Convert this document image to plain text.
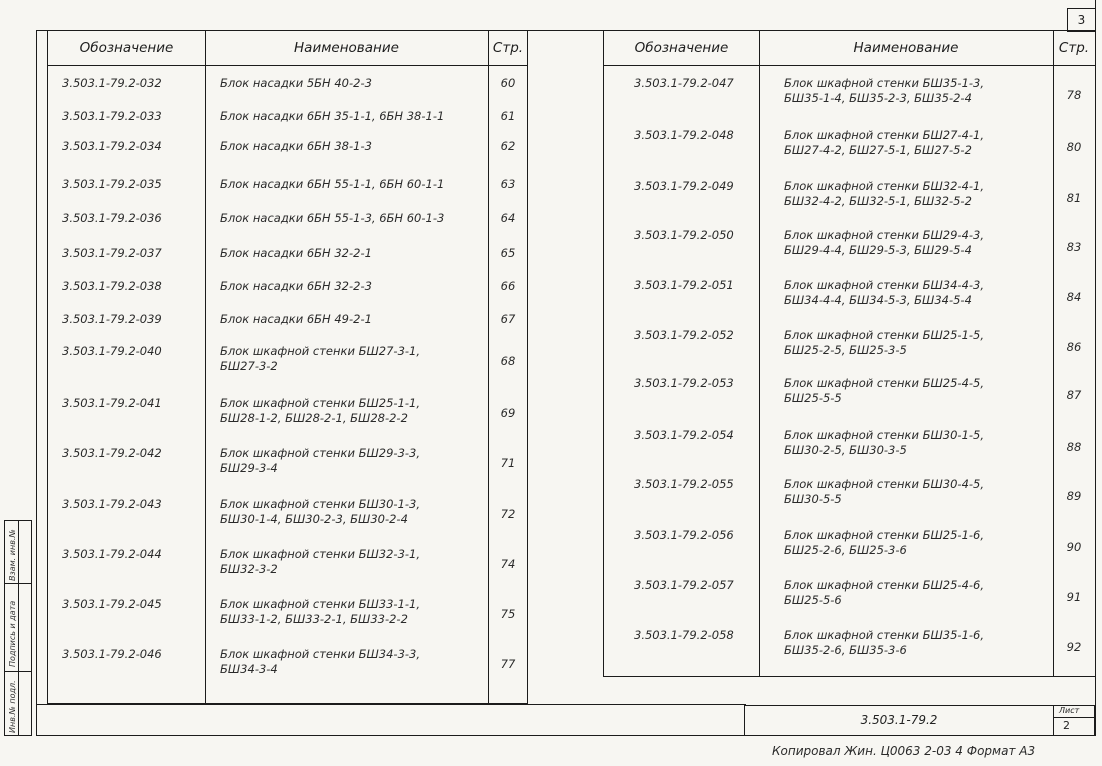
3
Обозначение	Наименование	Стр.
3.503.1-79.2-032	Блок насадки 5БН 40-2-3	60
3.503.1-79.2-033	Блок насадки 6БН 35-1-1, 6БН 38-1-1	61
3.503.1-79.2-034	Блок насадки 6БН 38-1-3	62
3.503.1-79.2-035	Блок насадки 6БН 55-1-1, 6БН 60-1-1	63
3.503.1-79.2-036	Блок насадки 6БН 55-1-3, 6БН 60-1-3	64
3.503.1-79.2-037	Блок насадки 6БН 32-2-1	65
3.503.1-79.2-038	Блок насадки 6БН 32-2-3	66
3.503.1-79.2-039	Блок насадки 6БН 49-2-1	67
3.503.1-79.2-040	Блок шкафной стенки БШ27-3-1,
БШ27-3-2	68
3.503.1-79.2-041	Блок шкафной стенки БШ25-1-1,
БШ28-1-2, БШ28-2-1, БШ28-2-2	69
3.503.1-79.2-042	Блок шкафной стенки БШ29-3-3,
БШ29-3-4	71
3.503.1-79.2-043	Блок шкафной стенки БШ30-1-3,
БШ30-1-4, БШ30-2-3, БШ30-2-4	72
3.503.1-79.2-044	Блок шкафной стенки БШ32-3-1,
БШ32-3-2	74
3.503.1-79.2-045	Блок шкафной стенки БШ33-1-1,
БШ33-1-2, БШ33-2-1, БШ33-2-2	75
3.503.1-79.2-046	Блок шкафной стенки БШ34-3-3,
БШ34-3-4	77
Обозначение	Наименование	Стр.
3.503.1-79.2-047	Блок шкафной стенки БШ35-1-3,
БШ35-1-4, БШ35-2-3, БШ35-2-4	78
3.503.1-79.2-048	Блок шкафной стенки БШ27-4-1,
БШ27-4-2, БШ27-5-1, БШ27-5-2	80
3.503.1-79.2-049	Блок шкафной стенки БШ32-4-1,
БШ32-4-2, БШ32-5-1, БШ32-5-2	81
3.503.1-79.2-050	Блок шкафной стенки БШ29-4-3,
БШ29-4-4, БШ29-5-3, БШ29-5-4	83
3.503.1-79.2-051	Блок шкафной стенки БШ34-4-3,
БШ34-4-4, БШ34-5-3, БШ34-5-4	84
3.503.1-79.2-052	Блок шкафной стенки БШ25-1-5,
БШ25-2-5, БШ25-3-5	86
3.503.1-79.2-053	Блок шкафной стенки БШ25-4-5,
БШ25-5-5	87
3.503.1-79.2-054	Блок шкафной стенки БШ30-1-5,
БШ30-2-5, БШ30-3-5	88
3.503.1-79.2-055	Блок шкафной стенки БШ30-4-5,
БШ30-5-5	89
3.503.1-79.2-056	Блок шкафной стенки БШ25-1-6,
БШ25-2-6, БШ25-3-6	90
3.503.1-79.2-057	Блок шкафной стенки БШ25-4-6,
БШ25-5-6	91
3.503.1-79.2-058	Блок шкафной стенки БШ35-1-6,
БШ35-2-6, БШ35-3-6	92
Инв.№ подл.
Подпись и дата
Взам. инв.№
3.503.1-79.2
Лист
2
Копировал Жин. Ц0063 2-03 4 Формат А3
